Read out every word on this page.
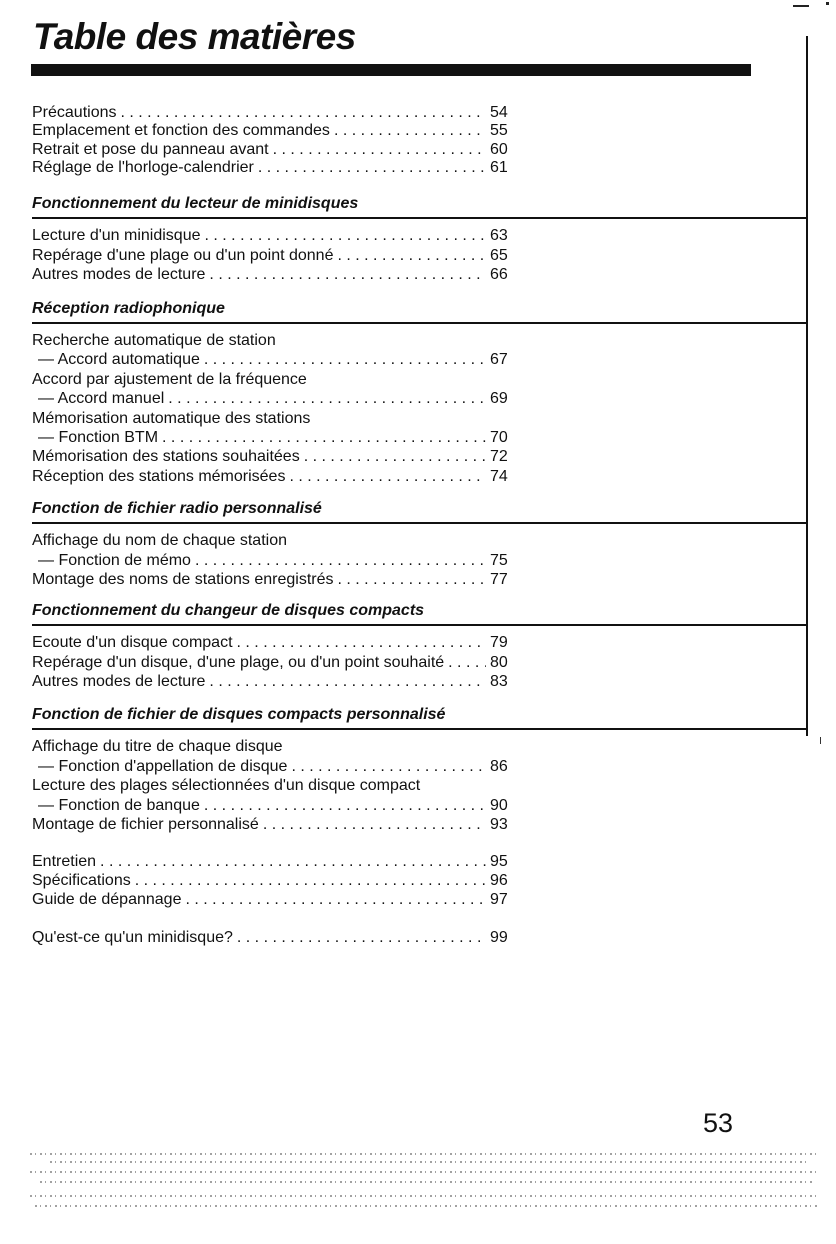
Table des matières
53
Précautions . . .	54
Emplacement et fonction des commandes . . .	55
Retrait et pose du panneau avant . . .	60
Réglage de l'horloge-calendrier . . .	61
Fonctionnement du lecteur de minidisques
Lecture d'un minidisque . . .	63
Repérage d'une plage ou d'un point donné . . .	65
Autres modes de lecture . . .	66
Réception radiophonique
Recherche automatique de station
— Accord automatique . . .	67
Accord par ajustement de la fréquence
— Accord manuel . . .	69
Mémorisation automatique des stations
— Fonction BTM . . .	70
Mémorisation des stations souhaitées . . .	72
Réception des stations mémorisées . . .	74
Fonction de fichier radio personnalisé
Affichage du nom de chaque station
— Fonction de mémo . . .	75
Montage des noms de stations enregistrés . . .	77
Fonctionnement du changeur de disques compacts
Ecoute d'un disque compact . . .	79
Repérage d'un disque, d'une plage, ou d'un point souhaité . . .	80
Autres modes de lecture . . .	83
Fonction de fichier de disques compacts personnalisé
Affichage du titre de chaque disque
— Fonction d'appellation de disque . . .	86
Lecture des plages sélectionnées d'un disque compact
— Fonction de banque . . .	90
Montage de fichier personnalisé . . .	93
Entretien . . .	95
Spécifications . . .	96
Guide de dépannage . . .	97
Qu'est-ce qu'un minidisque? . . .	99
